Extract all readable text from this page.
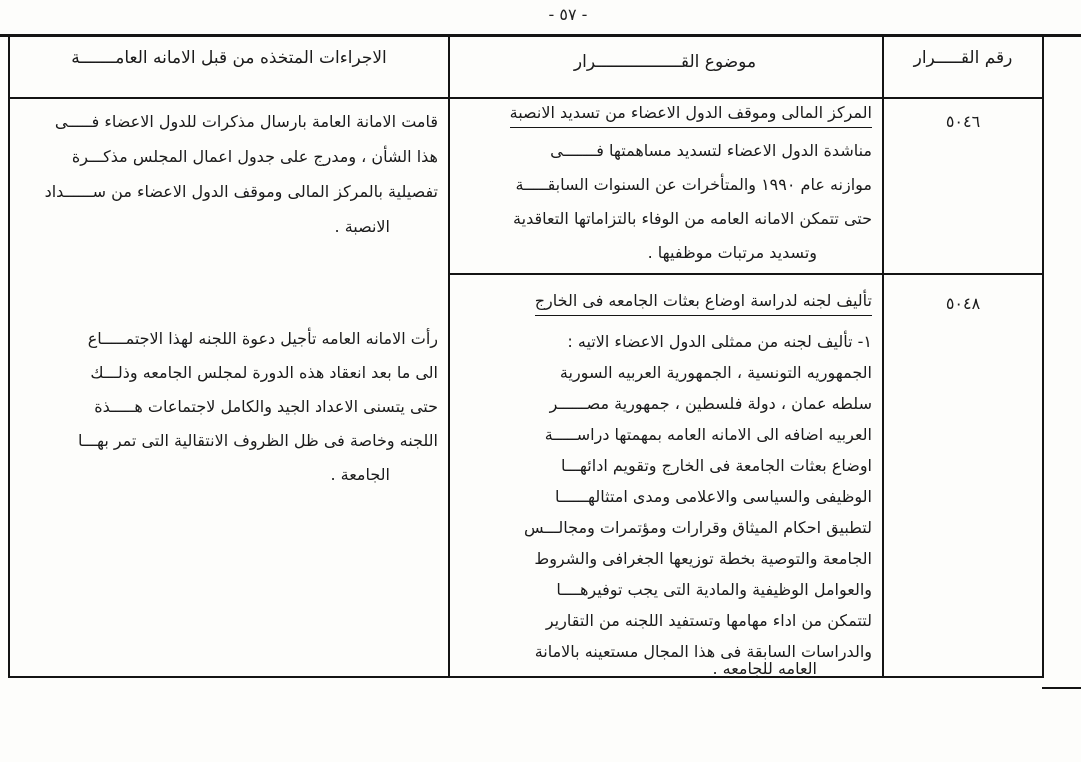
- ٥٧ -
الاجراءات المتخذه من قبل الامانه العامـــــــة	موضوع القـــــــــــــــــرار	رقم القـــــرار
٥٠٤٦
المركز المالى وموقف الدول الاعضاء من تسديد الانصبة
مناشدة الدول الاعضاء لتسديد مساهمتها فـــــــى
موازنه عام ١٩٩٠ والمتأخرات عن السنوات السابقـــــة
حتى تتمكن الامانه العامه من الوفاء بالتزاماتها التعاقدية
وتسديد مرتبات موظفيها .
قامت الامانة العامة بارسال مذكرات للدول الاعضاء فـــــى
هذا الشأن ، ومدرج على جدول اعمال المجلس مذكـــرة
تفصيلية بالمركز المالى وموقف الدول الاعضاء من ســــــداد
الانصبة .
٥٠٤٨
تأليف لجنه لدراسة اوضاع بعثات الجامعه فى الخارج
١- تأليف لجنه من ممثلى الدول الاعضاء الاتيه :
الجمهوريه التونسية ، الجمهورية العربيه السورية
سلطه عمان ، دولة فلسطين ، جمهورية مصــــــر
العربيه اضافه الى الامانه العامه بمهمتها دراســـــة
اوضاع بعثات الجامعة فى الخارج وتقويم ادائهـــا
الوظيفى والسياسى والاعلامى ومدى امتثالهــــــا
لتطبيق احكام الميثاق وقرارات ومؤتمرات ومجالـــس
الجامعة والتوصية بخطة توزيعها الجغرافى والشروط
والعوامل الوظيفية والمادية التى يجب توفيرهــــا
لتتمكن من اداء مهامها وتستفيد اللجنه من التقارير
والدراسات السابقة فى هذا المجال مستعينه بالامانة
العامه للجامعه .
رأت الامانه العامه تأجيل دعوة اللجنه لهذا الاجتمـــــاع
الى ما بعد انعقاد هذه الدورة لمجلس الجامعه وذلـــك
حتى يتسنى الاعداد الجيد والكامل لاجتماعات هـــــذة
اللجنه وخاصة فى ظل الظروف الانتقالية التى تمر بهـــا
الجامعة .
